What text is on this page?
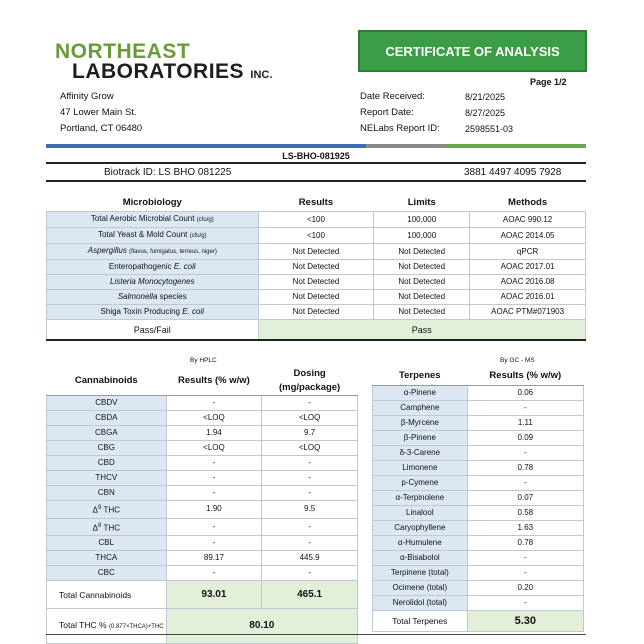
NORTHEAST
LABORATORIES INC.
CERTIFICATE OF ANALYSIS
Page 1/2
Affinity Grow
47 Lower Main St.
Portland, CT 06480
Date Received:	8/21/2025
Report Date:	8/27/2025
NELabs Report ID:	2598551-03
LS-BHO-081925
Biotrack ID: LS BHO 081225	3881 4497 4095 7928
Microbiology	Results	Limits	Methods
Total Aerobic Microbial Count (cfu/g)	<100	100,000	AOAC 990.12
Total Yeast & Mold Count (cfu/g)	<100	100,000	AOAC 2014.05
Aspergillus (flavus, fumigatus, terreus, niger)	Not Detected	Not Detected	qPCR
Enteropathogenic E. coli	Not Detected	Not Detected	AOAC 2017.01
Listeria Monocytogenes	Not Detected	Not Detected	AOAC 2016.08
Salmonella species	Not Detected	Not Detected	AOAC 2016.01
Shiga Toxin Producing E. coli	Not Detected	Not Detected	AOAC PTM#071903
Pass/Fail	Pass		
By HPLC	By GC - MS
Cannabinoids	Results (% w/w)	Dosing (mg/package)
CBDV	-	-
CBDA	<LOQ	<LOQ
CBGA	1.94	9.7
CBG	<LOQ	<LOQ
CBD	-	-
THCV	-	-
CBN	-	-
$\Delta^9$ THC	1.90	9.5
$\Delta^8$ THC	-	-
CBL	-	-
THCA	89.17	445.9
CBC	-	-
Total Cannabinoids	93.01	465.1
Total THC % (0.877×THCA)+THC	80.10	
Terpenes	Results (% w/w)
α-Pinene	0.06
Camphene	-
β-Myrcene	1.11
β-Pinene	0.09
δ-3-Carene	-
Limonene	0.78
p-Cymene	-
α-Terpinolene	0.07
Linalool	0.58
Caryophyllene	1.63
α-Humulene	0.78
α-Bisabolol	-
Terpinene (total)	-
Ocimene (total)	0.20
Nerolidol (total)	-
Total Terpenes	5.30
